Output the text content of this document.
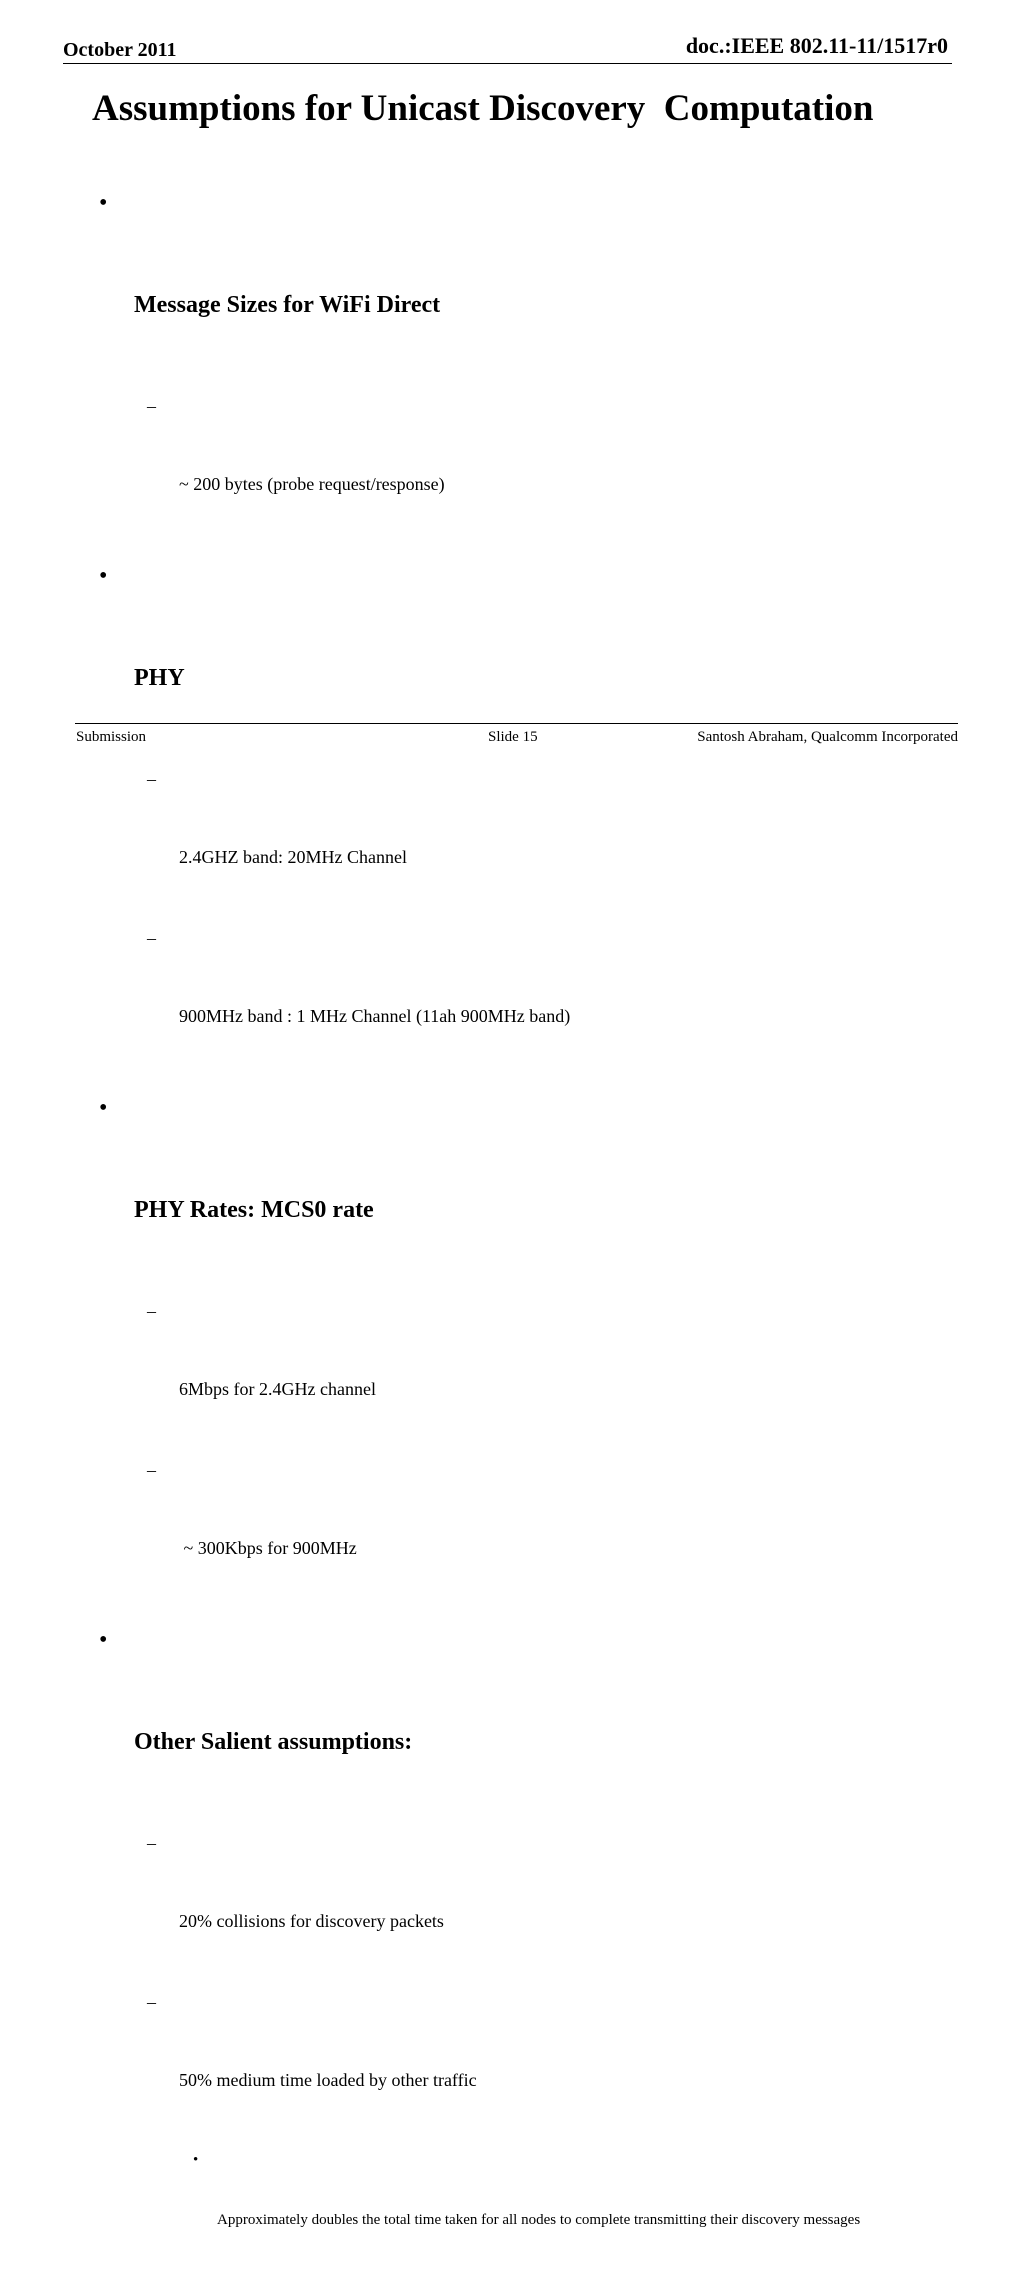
October 2011	doc.:IEEE 802.11-11/1517r0
Assumptions for Unicast Discovery  Computation

•

Message Sizes for WiFi Direct

–

~ 200 bytes (probe request/response)

•

PHY

–

2.4GHZ band: 20MHz Channel

–

900MHz band : 1 MHz Channel (11ah 900MHz band)

•

PHY Rates: MCS0 rate

–

6Mbps for 2.4GHz channel

–

~ 300Kbps for 900MHz

•

Other Salient assumptions:

–

20% collisions for discovery packets

–

50% medium time loaded by other traffic

•

Approximately doubles the total time taken for all nodes to complete transmitting their discovery messages

Submission	Slide 15	Santosh Abraham, Qualcomm Incorporated
